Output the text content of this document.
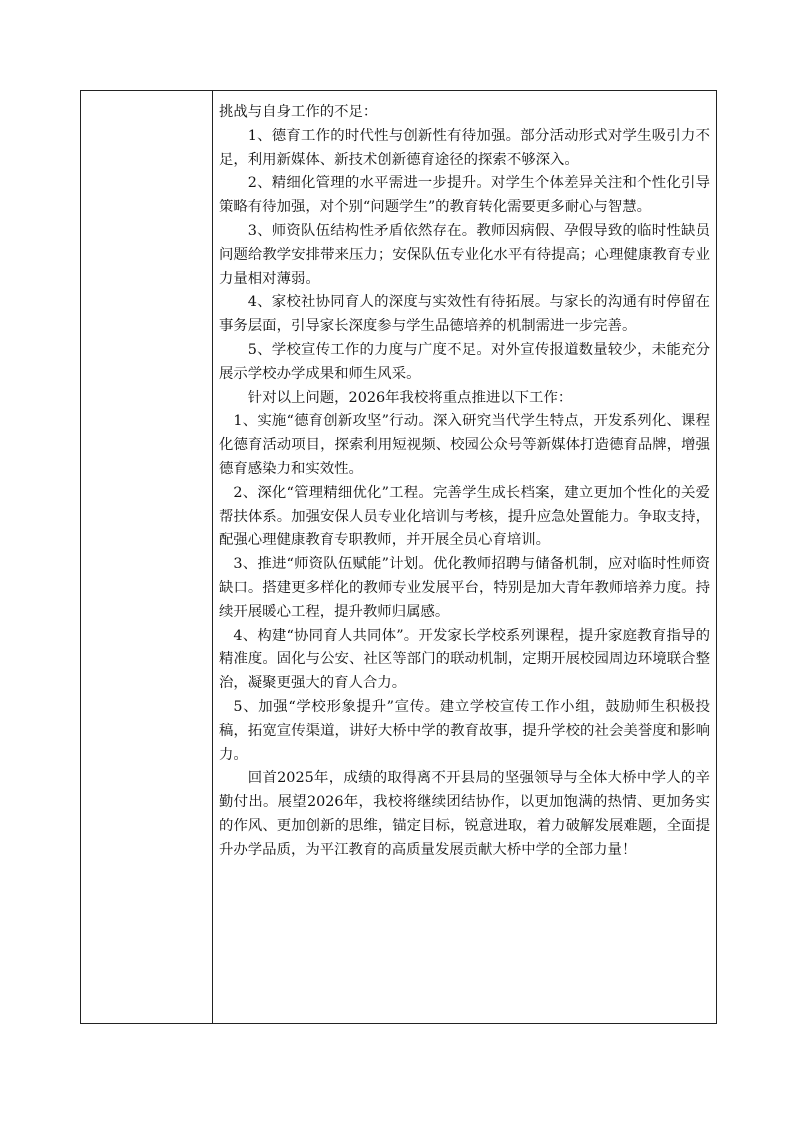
挑战与自身工作的不足：

1、德育工作的时代性与创新性有待加强。部分活动形式对学生吸引力不足，利用新媒体、新技术创新德育途径的探索不够深入。

2、精细化管理的水平需进一步提升。对学生个体差异关注和个性化引导策略有待加强，对个别“问题学生”的教育转化需要更多耐心与智慧。

3、师资队伍结构性矛盾依然存在。教师因病假、孕假导致的临时性缺员问题给教学安排带来压力；安保队伍专业化水平有待提高；心理健康教育专业力量相对薄弱。

4、家校社协同育人的深度与实效性有待拓展。与家长的沟通有时停留在事务层面，引导家长深度参与学生品德培养的机制需进一步完善。

5、学校宣传工作的力度与广度不足。对外宣传报道数量较少，未能充分展示学校办学成果和师生风采。

针对以上问题，2026年我校将重点推进以下工作：

1、实施“德育创新攻坚”行动。深入研究当代学生特点，开发系列化、课程化德育活动项目，探索利用短视频、校园公众号等新媒体打造德育品牌，增强德育感染力和实效性。

2、深化“管理精细优化”工程。完善学生成长档案，建立更加个性化的关爱帮扶体系。加强安保人员专业化培训与考核，提升应急处置能力。争取支持，配强心理健康教育专职教师，并开展全员心育培训。

3、推进“师资队伍赋能”计划。优化教师招聘与储备机制，应对临时性师资缺口。搭建更多样化的教师专业发展平台，特别是加大青年教师培养力度。持续开展暖心工程，提升教师归属感。

4、构建“协同育人共同体”。开发家长学校系列课程，提升家庭教育指导的精准度。固化与公安、社区等部门的联动机制，定期开展校园周边环境联合整治，凝聚更强大的育人合力。

5、加强“学校形象提升”宣传。建立学校宣传工作小组，鼓励师生积极投稿，拓宽宣传渠道，讲好大桥中学的教育故事，提升学校的社会美誉度和影响力。

回首2025年，成绩的取得离不开县局的坚强领导与全体大桥中学人的辛勤付出。展望2026年，我校将继续团结协作，以更加饱满的热情、更加务实的作风、更加创新的思维，锚定目标，锐意进取，着力破解发展难题，全面提升办学品质，为平江教育的高质量发展贡献大桥中学的全部力量！
